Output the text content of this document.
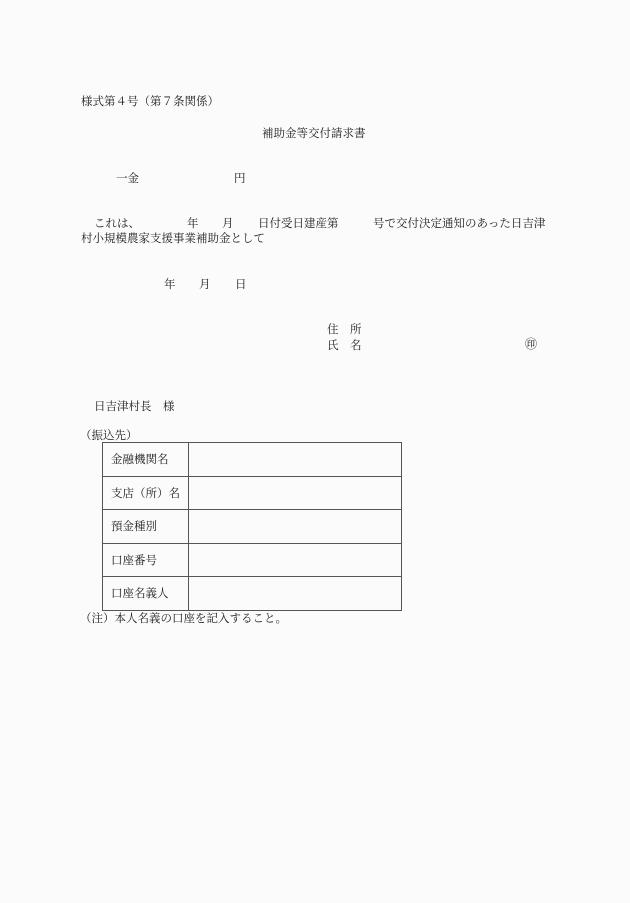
様式第４号（第７条関係）
補助金等交付請求書
一金	円
これは、	年 月 日付受日建産第	号で交付決定通知のあった日吉津
村小規模農家支援事業補助金として
年 月 日
住　所
氏　名	㊞
日吉津村長　様
（振込先）
金融機関名	
支店（所）名	
預金種別	
口座番号	
口座名義人	
（注）本人名義の口座を記入すること。
